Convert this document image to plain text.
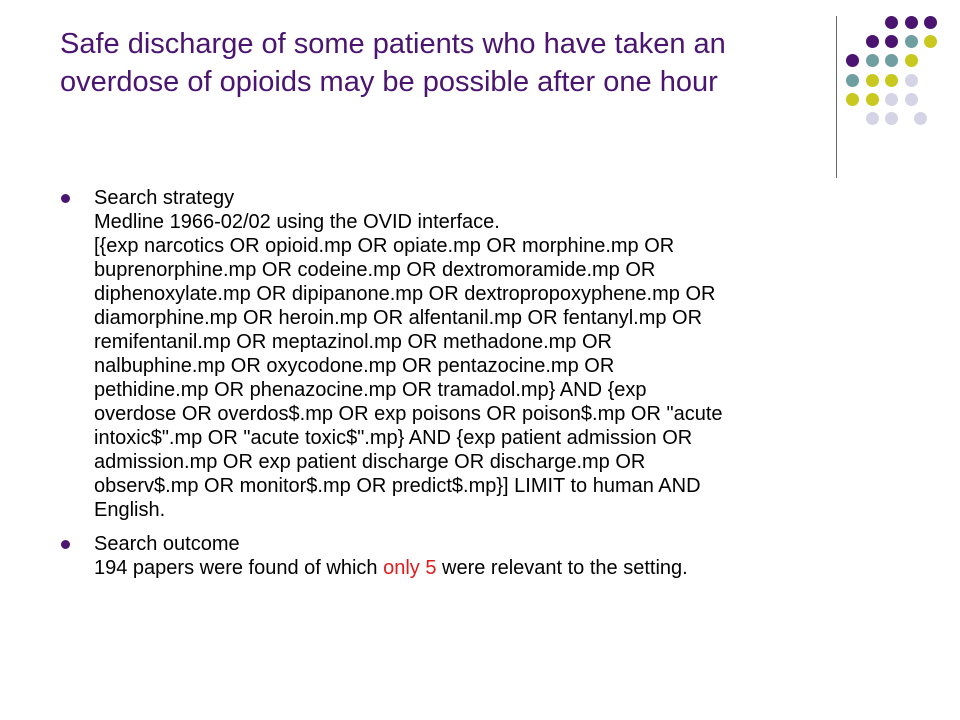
Safe discharge of some patients who have taken an overdose of opioids may be possible after one hour
Search strategy
Medline 1966-02/02 using the OVID interface.
[{exp narcotics OR opioid.mp OR opiate.mp OR morphine.mp OR
buprenorphine.mp OR codeine.mp OR dextromoramide.mp OR
diphenoxylate.mp OR dipipanone.mp OR dextropropoxyphene.mp OR
diamorphine.mp OR heroin.mp OR alfentanil.mp OR fentanyl.mp OR
remifentanil.mp OR meptazinol.mp OR methadone.mp OR
nalbuphine.mp OR oxycodone.mp OR pentazocine.mp OR
pethidine.mp OR phenazocine.mp OR tramadol.mp} AND {exp
overdose OR overdos$.mp OR exp poisons OR poison$.mp OR "acute
intoxic$".mp OR "acute toxic$".mp} AND {exp patient admission OR
admission.mp OR exp patient discharge OR discharge.mp OR
observ$.mp OR monitor$.mp OR predict$.mp}] LIMIT to human AND
English.
Search outcome
194 papers were found of which only 5 were relevant to the setting.
